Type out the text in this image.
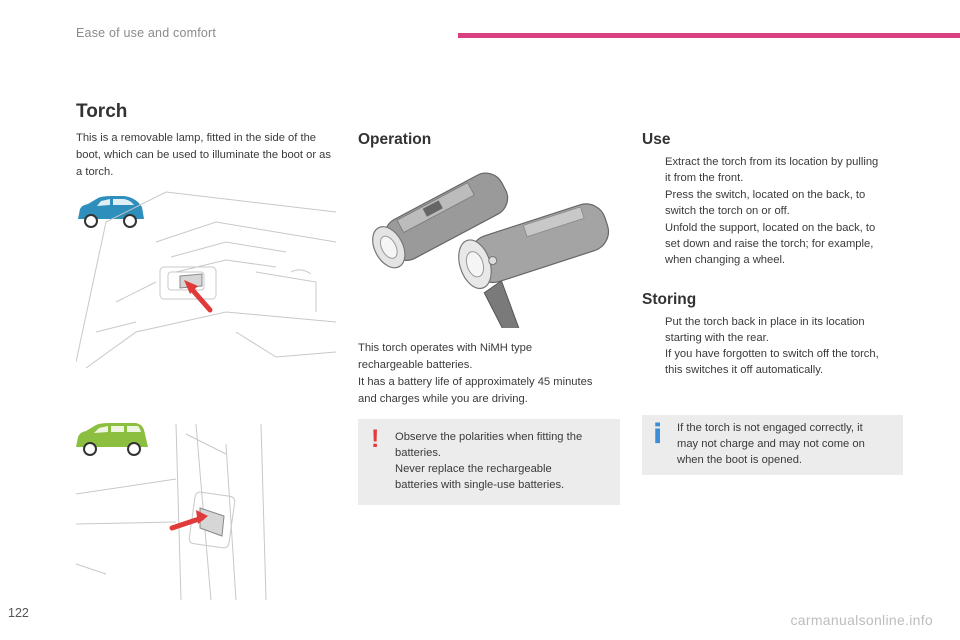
Ease of use and comfort
Torch
This is a removable lamp, fitted in the side of the boot, which can be used to illuminate the boot or as a torch.
Operation
This torch operates with NiMH type
rechargeable batteries.
It has a battery life of approximately 45 minutes
and charges while you are driving.
! Observe the polarities when fitting the
batteries.
Never replace the rechargeable
batteries with single-use batteries.
Use
Extract the torch from its location by pulling
it from the front.
Press the switch, located on the back, to
switch the torch on or off.
Unfold the support, located on the back, to
set down and raise the torch; for example,
when changing a wheel.
Storing
Put the torch back in place in its location
starting with the rear.
If you have forgotten to switch off the torch,
this switches it off automatically.
i If the torch is not engaged correctly, it
may not charge and may not come on
when the boot is opened.
122	carmanualsonline.info
